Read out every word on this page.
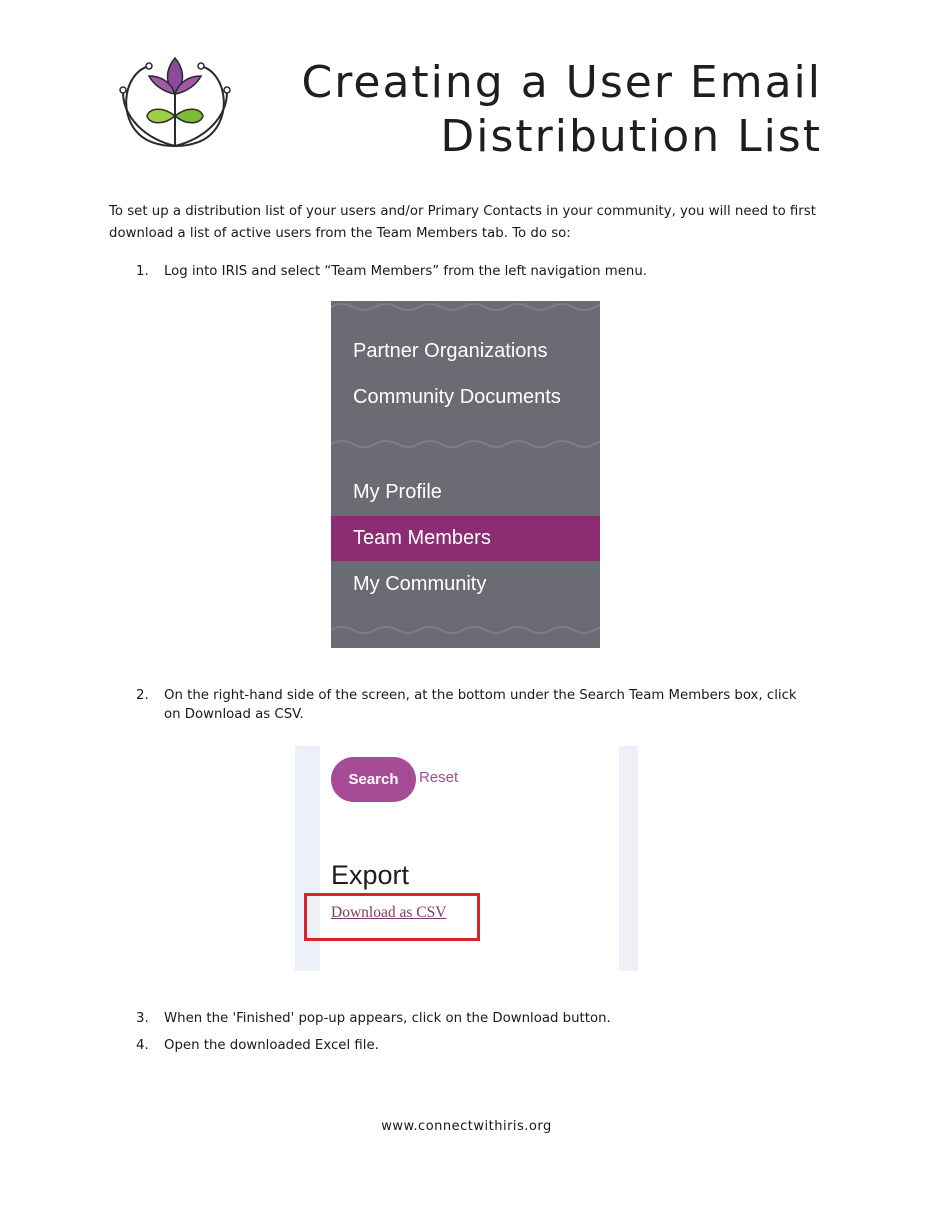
Creating a User Email
Distribution List

To set up a distribution list of your users and/or Primary Contacts in your community, you will need to first download a list of active users from the Team Members tab. To do so:

1.	Log into IRIS and select “Team Members” from the left navigation menu.
Partner Organizations
Community Documents
My Profile
Team Members
My Community
2.	On the right-hand side of the screen, at the bottom under the Search Team Members box, click on Download as CSV.
Search	Reset
Export
Download as CSV
3.	When the 'Finished' pop-up appears, click on the Download button.
4.	Open the downloaded Excel file.
www.connectwithiris.org
